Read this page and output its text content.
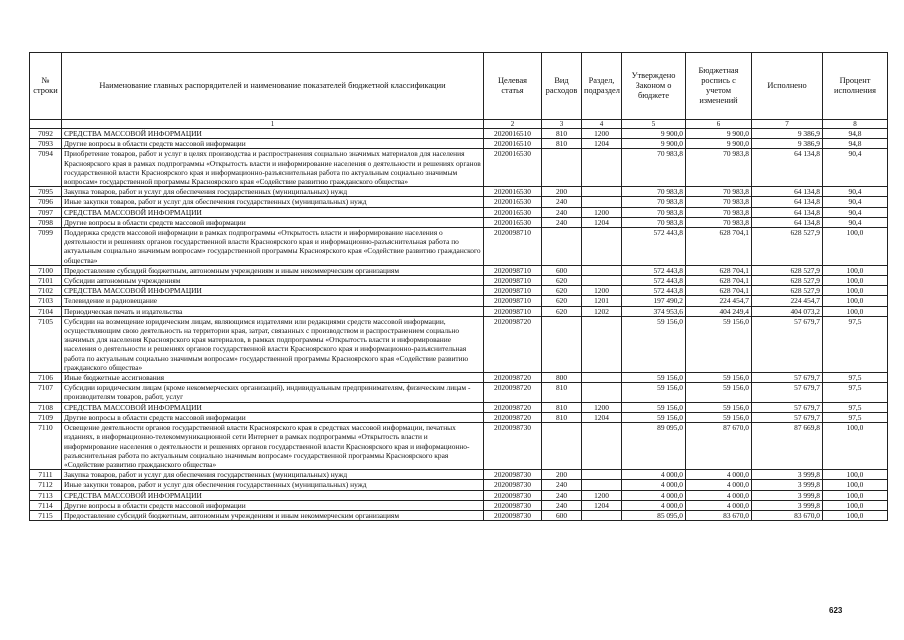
№ строки	Наименование главных распорядителей и наименование показателей бюджетной классификации	Целевая статья	Вид расходов	Раздел, подраздел	Утверждено Законом о бюджете	Бюджетная роспись с учетом изменений	Исполнено	Процент исполнения
	1	2	3	4	5	6	7	8
7092	СРЕДСТВА МАССОВОЙ ИНФОРМАЦИИ	2020016510	810	1200	9 900,0	9 900,0	9 386,9	94,8
7093	Другие вопросы в области средств массовой информации	2020016510	810	1204	9 900,0	9 900,0	9 386,9	94,8
7094	Приобретение товаров, работ и услуг в целях производства и распространения социально значимых материалов для населения Красноярского края в рамках подпрограммы «Открытость власти и информирование населения о деятельности и решениях органов государственной власти Красноярского края и информационно-разъяснительная работа по актуальным социально значимым вопросам» государственной программы Красноярского края «Содействие развитию гражданского общества»	2020016530			70 983,8	70 983,8	64 134,8	90,4
7095	Закупка товаров, работ и услуг для обеспечения государственных (муниципальных) нужд	2020016530	200		70 983,8	70 983,8	64 134,8	90,4
7096	Иные закупки товаров, работ и услуг для обеспечения государственных (муниципальных) нужд	2020016530	240		70 983,8	70 983,8	64 134,8	90,4
7097	СРЕДСТВА МАССОВОЙ ИНФОРМАЦИИ	2020016530	240	1200	70 983,8	70 983,8	64 134,8	90,4
7098	Другие вопросы в области средств массовой информации	2020016530	240	1204	70 983,8	70 983,8	64 134,8	90,4
7099	Поддержка средств массовой информации в рамках подпрограммы «Открытость власти и информирование населения о деятельности и решениях органов государственной власти Красноярского края и информационно-разъяснительная работа по актуальным социально значимым вопросам» государственной программы Красноярского края «Содействие развитию гражданского общества»	2020098710			572 443,8	628 704,1	628 527,9	100,0
7100	Предоставление субсидий бюджетным, автономным учреждениям и иным некоммерческим организациям	2020098710	600		572 443,8	628 704,1	628 527,9	100,0
7101	Субсидии автономным учреждениям	2020098710	620		572 443,8	628 704,1	628 527,9	100,0
7102	СРЕДСТВА МАССОВОЙ ИНФОРМАЦИИ	2020098710	620	1200	572 443,8	628 704,1	628 527,9	100,0
7103	Телевидение и радиовещание	2020098710	620	1201	197 490,2	224 454,7	224 454,7	100,0
7104	Периодическая печать и издательства	2020098710	620	1202	374 953,6	404 249,4	404 073,2	100,0
7105	Субсидии на возмещение юридическим лицам, являющимся издателями или редакциями средств массовой информации, осуществляющим свою деятельность на территории края, затрат, связанных с производством и распространением социально значимых для населения Красноярского края материалов, в рамках подпрограммы «Открытость власти и информирование населения о деятельности и решениях органов государственной власти Красноярского края и информационно-разъяснительная работа по актуальным социально значимым вопросам» государственной программы Красноярского края «Содействие развитию гражданского общества»	2020098720			59 156,0	59 156,0	57 679,7	97,5
7106	Иные бюджетные ассигнования	2020098720	800		59 156,0	59 156,0	57 679,7	97,5
7107	Субсидии юридическим лицам (кроме некоммерческих организаций), индивидуальным предпринимателям, физическим лицам - производителям товаров, работ, услуг	2020098720	810		59 156,0	59 156,0	57 679,7	97,5
7108	СРЕДСТВА МАССОВОЙ ИНФОРМАЦИИ	2020098720	810	1200	59 156,0	59 156,0	57 679,7	97,5
7109	Другие вопросы в области средств массовой информации	2020098720	810	1204	59 156,0	59 156,0	57 679,7	97,5
7110	Освещение деятельности органов государственной власти Красноярского края в средствах массовой информации, печатных изданиях, в информационно-телекоммуникационной сети Интернет в рамках подпрограммы «Открытость власти и информирование населения о деятельности и решениях органов государственной власти Красноярского края и информационно-разъяснительная работа по актуальным социально значимым вопросам» государственной программы Красноярского края «Содействие развитию гражданского общества»	2020098730			89 095,0	87 670,0	87 669,8	100,0
7111	Закупка товаров, работ и услуг для обеспечения государственных (муниципальных) нужд	2020098730	200		4 000,0	4 000,0	3 999,8	100,0
7112	Иные закупки товаров, работ и услуг для обеспечения государственных (муниципальных) нужд	2020098730	240		4 000,0	4 000,0	3 999,8	100,0
7113	СРЕДСТВА МАССОВОЙ ИНФОРМАЦИИ	2020098730	240	1200	4 000,0	4 000,0	3 999,8	100,0
7114	Другие вопросы в области средств массовой информации	2020098730	240	1204	4 000,0	4 000,0	3 999,8	100,0
7115	Предоставление субсидий бюджетным, автономным учреждениям и иным некоммерческим организациям	2020098730	600		85 095,0	83 670,0	83 670,0	100,0
623
